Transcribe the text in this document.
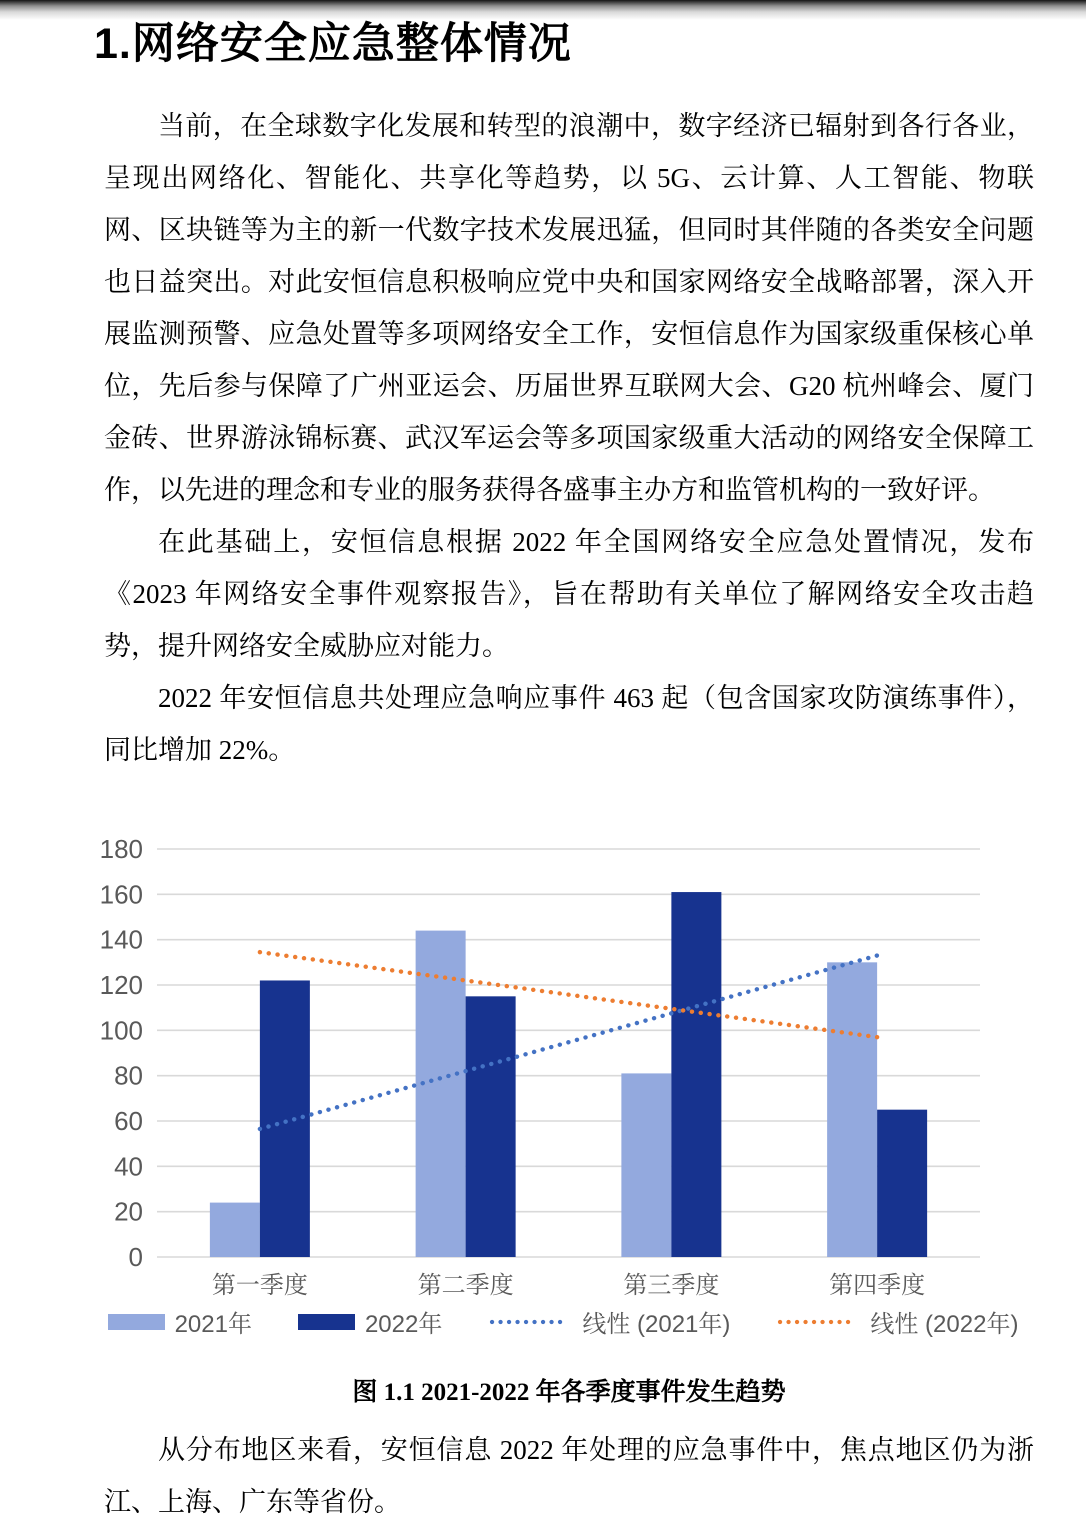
1.网络安全应急整体情况

当前，在全球数字化发展和转型的浪潮中，数字经济已辐射到各行各业，呈现出网络化、智能化、共享化等趋势，以 5G、云计算、人工智能、物联网、区块链等为主的新一代数字技术发展迅猛，但同时其伴随的各类安全问题也日益突出。对此安恒信息积极响应党中央和国家网络安全战略部署，深入开展监测预警、应急处置等多项网络安全工作，安恒信息作为国家级重保核心单位，先后参与保障了广州亚运会、历届世界互联网大会、G20 杭州峰会、厦门金砖、世界游泳锦标赛、武汉军运会等多项国家级重大活动的网络安全保障工作，以先进的理念和专业的服务获得各盛事主办方和监管机构的一致好评。

在此基础上，安恒信息根据 2022 年全国网络安全应急处置情况，发布《2023 年网络安全事件观察报告》，旨在帮助有关单位了解网络安全攻击趋势，提升网络安全威胁应对能力。

2022 年安恒信息共处理应急响应事件 463 起（包含国家攻防演练事件），同比增加 22%。

0
20
40
60
80
100
120
140
160
180
第一季度	第二季度	第三季度	第四季度
2021年	2022年	线性 (2021年)	线性 (2022年)
图 1.1 2021-2022 年各季度事件发生趋势

从分布地区来看，安恒信息 2022 年处理的应急事件中，焦点地区仍为浙江、上海、广东等省份。
